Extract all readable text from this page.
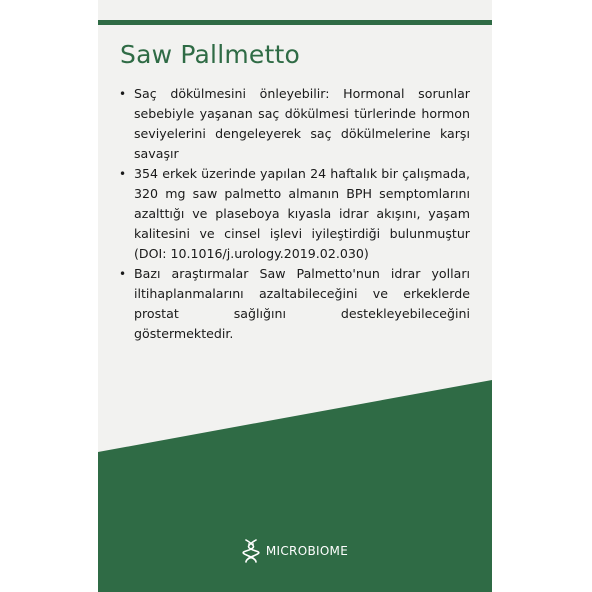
Saw Pallmetto
• Saç dökülmesini önleyebilir: Hormonal sorunlar sebebiyle yaşanan saç dökülmesi türlerinde hormon seviyelerini dengeleyerek saç dökülmelerine karşı savaşır
• 354 erkek üzerinde yapılan 24 haftalık bir çalışmada, 320 mg saw palmetto almanın BPH semptomlarını azalttığı ve plaseboya kıyasla idrar akışını, yaşam kalitesini ve cinsel işlevi iyileştirdiği bulunmuştur (DOI: 10.1016/j.urology.2019.02.030)
• Bazı araştırmalar Saw Palmetto'nun idrar yolları iltihaplanmalarını azaltabileceğini ve erkeklerde prostat sağlığını destekleyebileceğini göstermektedir.
MICROBIOME
